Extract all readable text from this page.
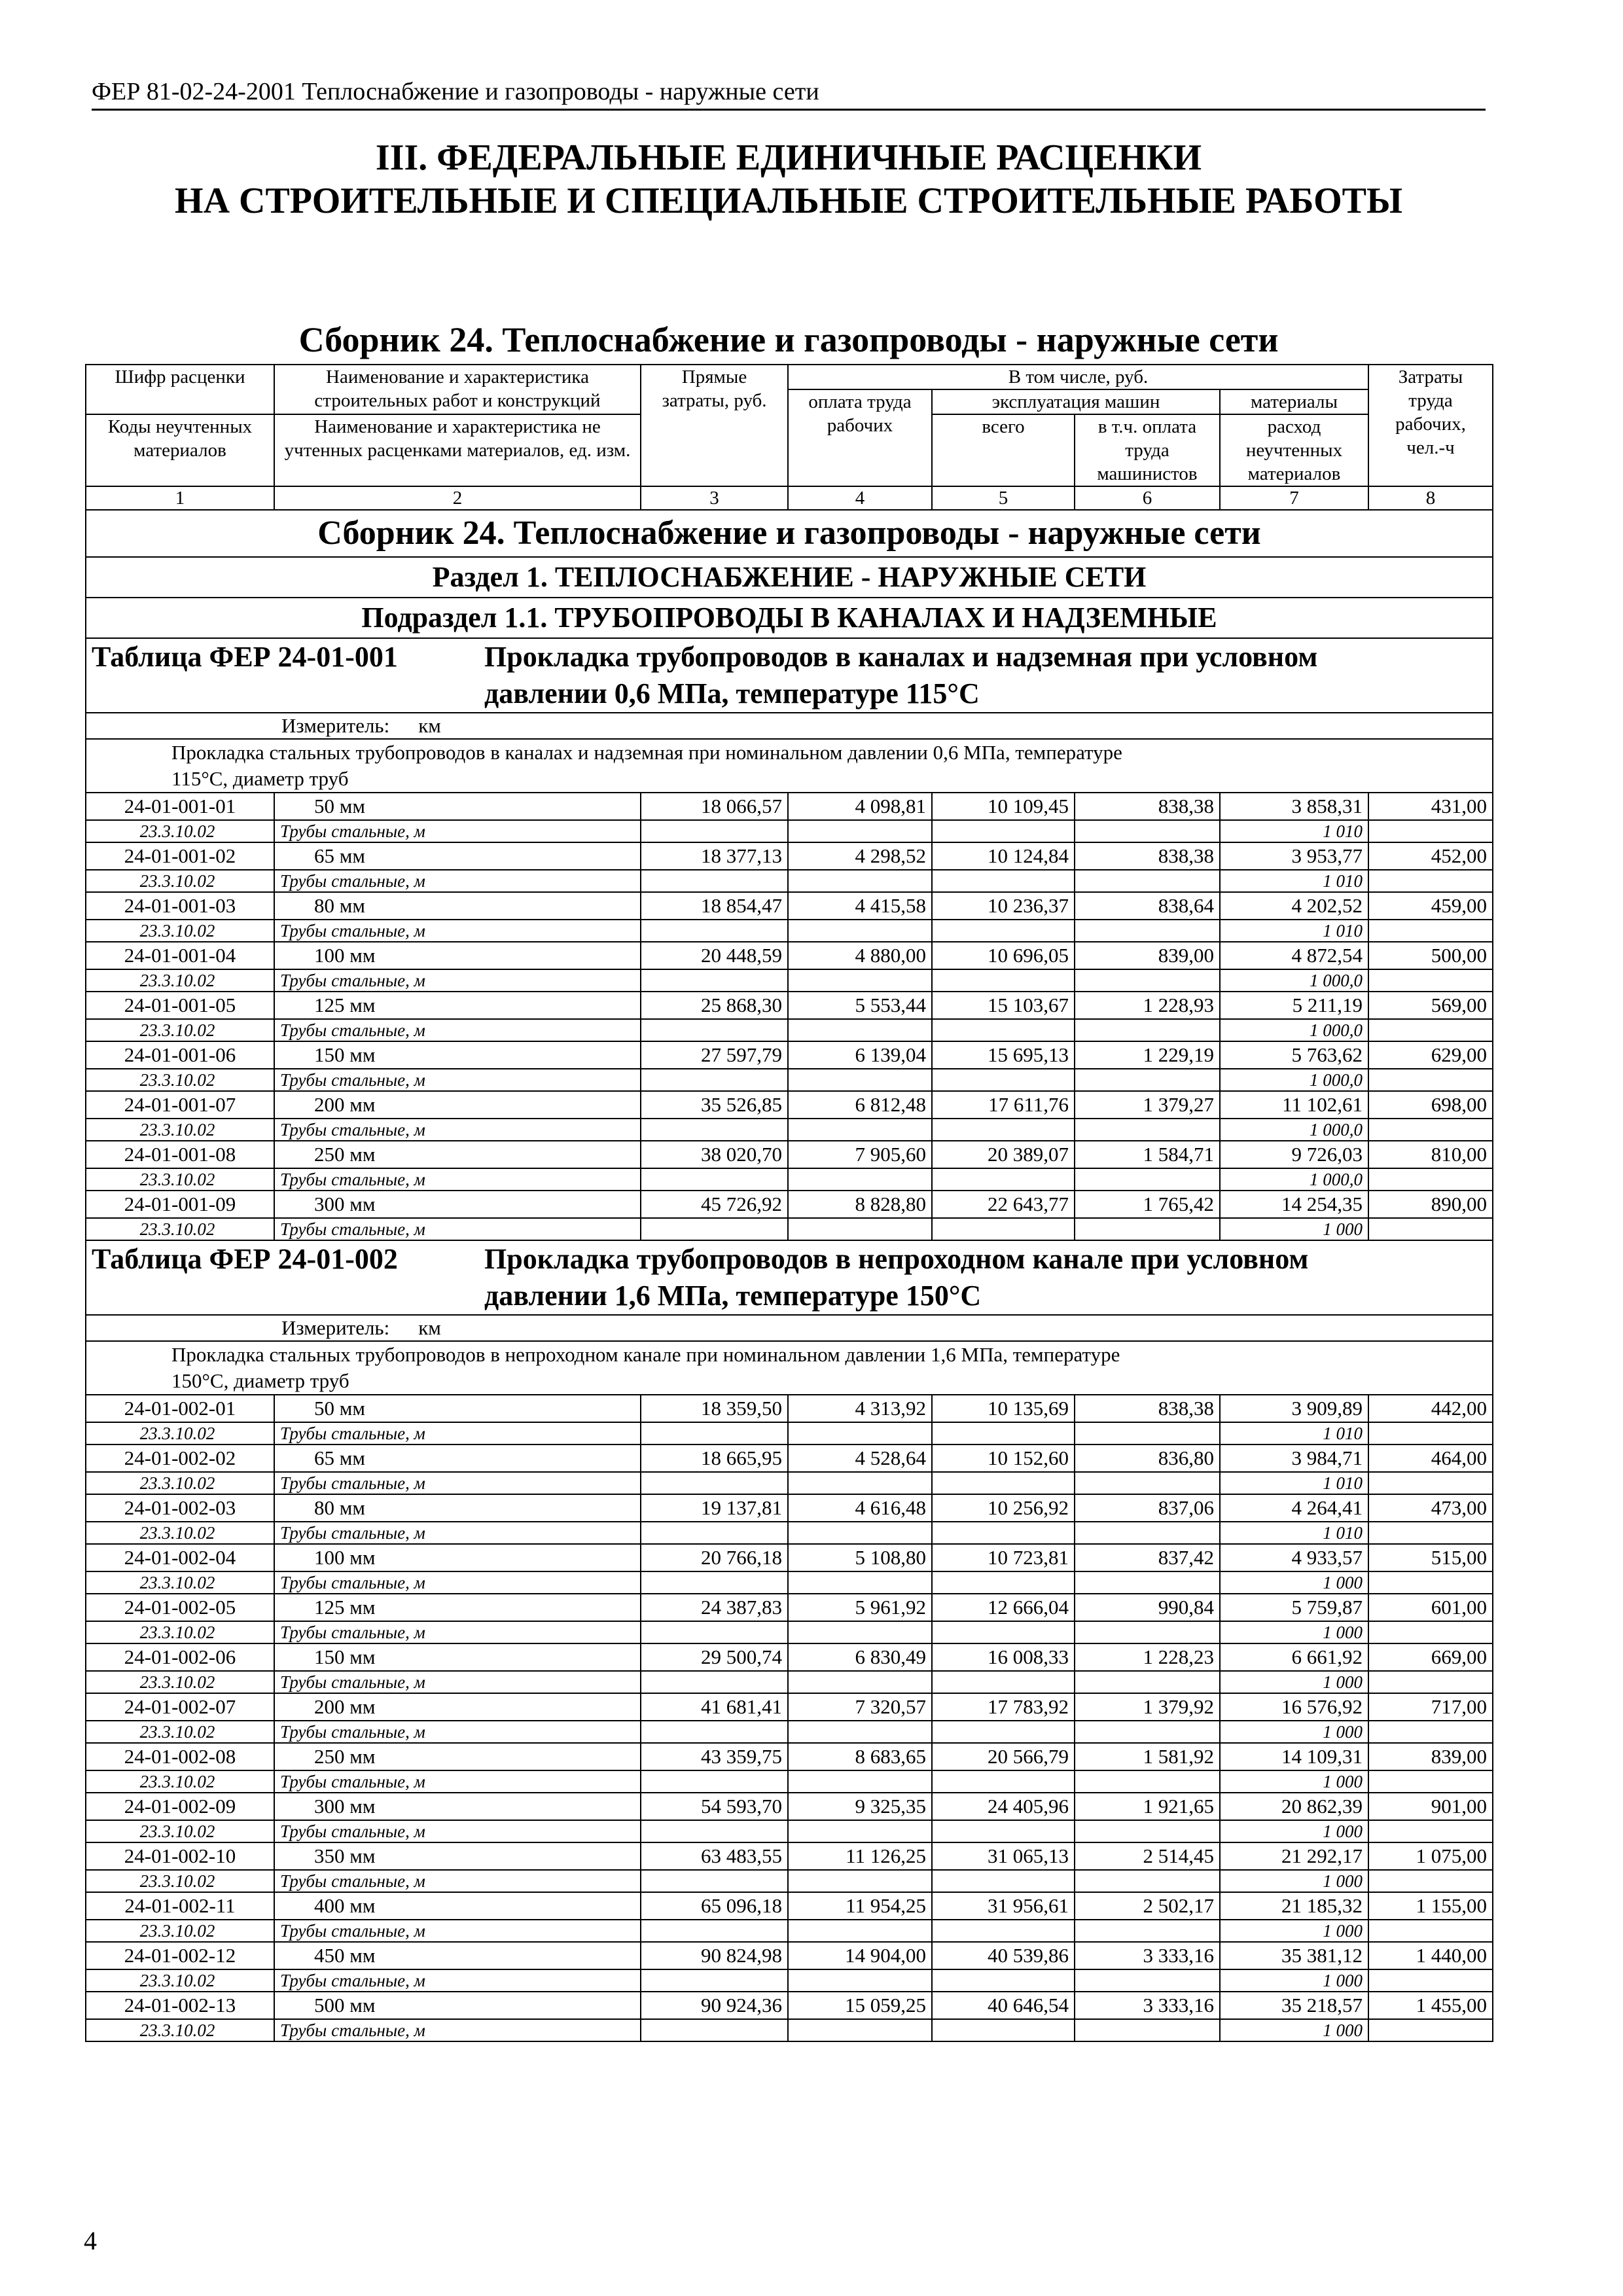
ФЕР 81-02-24-2001 Теплоснабжение и газопроводы - наружные сети
III. ФЕДЕРАЛЬНЫЕ ЕДИНИЧНЫЕ РАСЦЕНКИ
НА СТРОИТЕЛЬНЫЕ И СПЕЦИАЛЬНЫЕ СТРОИТЕЛЬНЫЕ РАБОТЫ
Сборник 24. Теплоснабжение и газопроводы - наружные сети
Шифр расценки	Наименование и характеристика строительных работ и конструкций	Прямые затраты, руб.	В том числе, руб.				Затраты труда рабочих, чел.-ч
			оплата труда рабочих	эксплуатация машин		материалы	
Коды неучтенных материалов	Наименование и характеристика не учтенных расценками материалов, ед. изм.			всего	в т.ч. оплата труда машинистов	расход неучтенных материалов	

1	2	3	4	5	6	7	8
Сборник 24. Теплоснабжение и газопроводы - наружные сети							
Раздел 1. ТЕПЛОСНАБЖЕНИЕ - НАРУЖНЫЕ СЕТИ							
Подраздел 1.1. ТРУБОПРОВОДЫ В КАНАЛАХ И НАДЗЕМНЫЕ							
Таблица ФЕР 24-01-001 Прокладка трубопроводов в каналах и надземная при условном
давлении 0,6 МПа, температуре 115°С							
Измеритель: км							
Прокладка стальных трубопроводов в каналах и надземная при номинальном давлении 0,6 МПа, температуре
115°С, диаметр труб							
24-01-001-01	50 мм	18 066,57	4 098,81	10 109,45	838,38	3 858,31	431,00
23.3.10.02	Трубы стальные, м					1 010	
24-01-001-02	65 мм	18 377,13	4 298,52	10 124,84	838,38	3 953,77	452,00
23.3.10.02	Трубы стальные, м					1 010	
24-01-001-03	80 мм	18 854,47	4 415,58	10 236,37	838,64	4 202,52	459,00
23.3.10.02	Трубы стальные, м					1 010	
24-01-001-04	100 мм	20 448,59	4 880,00	10 696,05	839,00	4 872,54	500,00
23.3.10.02	Трубы стальные, м					1 000,0	
24-01-001-05	125 мм	25 868,30	5 553,44	15 103,67	1 228,93	5 211,19	569,00
23.3.10.02	Трубы стальные, м					1 000,0	
24-01-001-06	150 мм	27 597,79	6 139,04	15 695,13	1 229,19	5 763,62	629,00
23.3.10.02	Трубы стальные, м					1 000,0	
24-01-001-07	200 мм	35 526,85	6 812,48	17 611,76	1 379,27	11 102,61	698,00
23.3.10.02	Трубы стальные, м					1 000,0	
24-01-001-08	250 мм	38 020,70	7 905,60	20 389,07	1 584,71	9 726,03	810,00
23.3.10.02	Трубы стальные, м					1 000,0	
24-01-001-09	300 мм	45 726,92	8 828,80	22 643,77	1 765,42	14 254,35	890,00
23.3.10.02	Трубы стальные, м					1 000	
Таблица ФЕР 24-01-002 Прокладка трубопроводов в непроходном канале при условном
давлении 1,6 МПа, температуре 150°С							
Измеритель: км							
Прокладка стальных трубопроводов в непроходном канале при номинальном давлении 1,6 МПа, температуре
150°С, диаметр труб							
24-01-002-01	50 мм	18 359,50	4 313,92	10 135,69	838,38	3 909,89	442,00
23.3.10.02	Трубы стальные, м					1 010	
24-01-002-02	65 мм	18 665,95	4 528,64	10 152,60	836,80	3 984,71	464,00
23.3.10.02	Трубы стальные, м					1 010	
24-01-002-03	80 мм	19 137,81	4 616,48	10 256,92	837,06	4 264,41	473,00
23.3.10.02	Трубы стальные, м					1 010	
24-01-002-04	100 мм	20 766,18	5 108,80	10 723,81	837,42	4 933,57	515,00
23.3.10.02	Трубы стальные, м					1 000	
24-01-002-05	125 мм	24 387,83	5 961,92	12 666,04	990,84	5 759,87	601,00
23.3.10.02	Трубы стальные, м					1 000	
24-01-002-06	150 мм	29 500,74	6 830,49	16 008,33	1 228,23	6 661,92	669,00
23.3.10.02	Трубы стальные, м					1 000	
24-01-002-07	200 мм	41 681,41	7 320,57	17 783,92	1 379,92	16 576,92	717,00
23.3.10.02	Трубы стальные, м					1 000	
24-01-002-08	250 мм	43 359,75	8 683,65	20 566,79	1 581,92	14 109,31	839,00
23.3.10.02	Трубы стальные, м					1 000	
24-01-002-09	300 мм	54 593,70	9 325,35	24 405,96	1 921,65	20 862,39	901,00
23.3.10.02	Трубы стальные, м					1 000	
24-01-002-10	350 мм	63 483,55	11 126,25	31 065,13	2 514,45	21 292,17	1 075,00
23.3.10.02	Трубы стальные, м					1 000	
24-01-002-11	400 мм	65 096,18	11 954,25	31 956,61	2 502,17	21 185,32	1 155,00
23.3.10.02	Трубы стальные, м					1 000	
24-01-002-12	450 мм	90 824,98	14 904,00	40 539,86	3 333,16	35 381,12	1 440,00
23.3.10.02	Трубы стальные, м					1 000	
24-01-002-13	500 мм	90 924,36	15 059,25	40 646,54	3 333,16	35 218,57	1 455,00
23.3.10.02	Трубы стальные, м					1 000	
4
